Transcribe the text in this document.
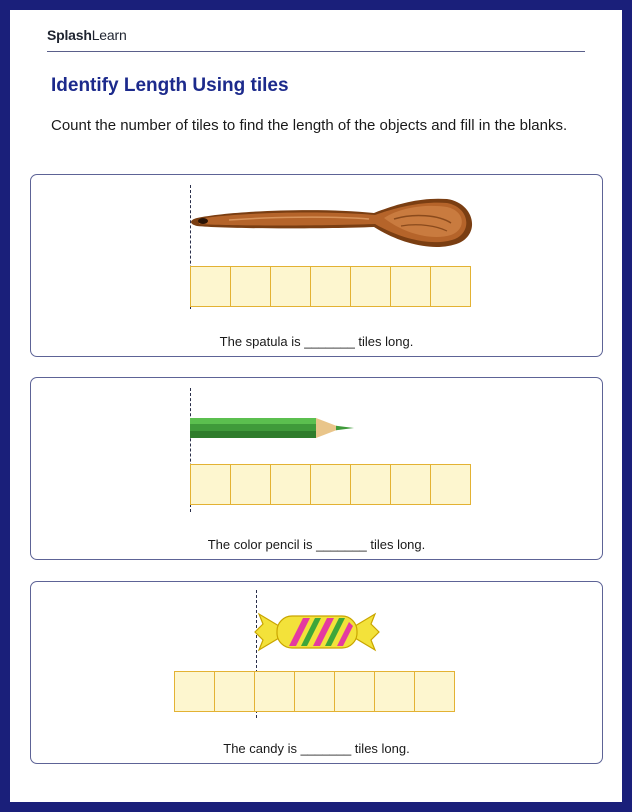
SplashLearn
Identify Length Using tiles
Count the number of tiles to find the length of the objects and fill in the blanks.
The spatula is _______ tiles long.
The color pencil is _______ tiles long.
The candy is _______ tiles long.
